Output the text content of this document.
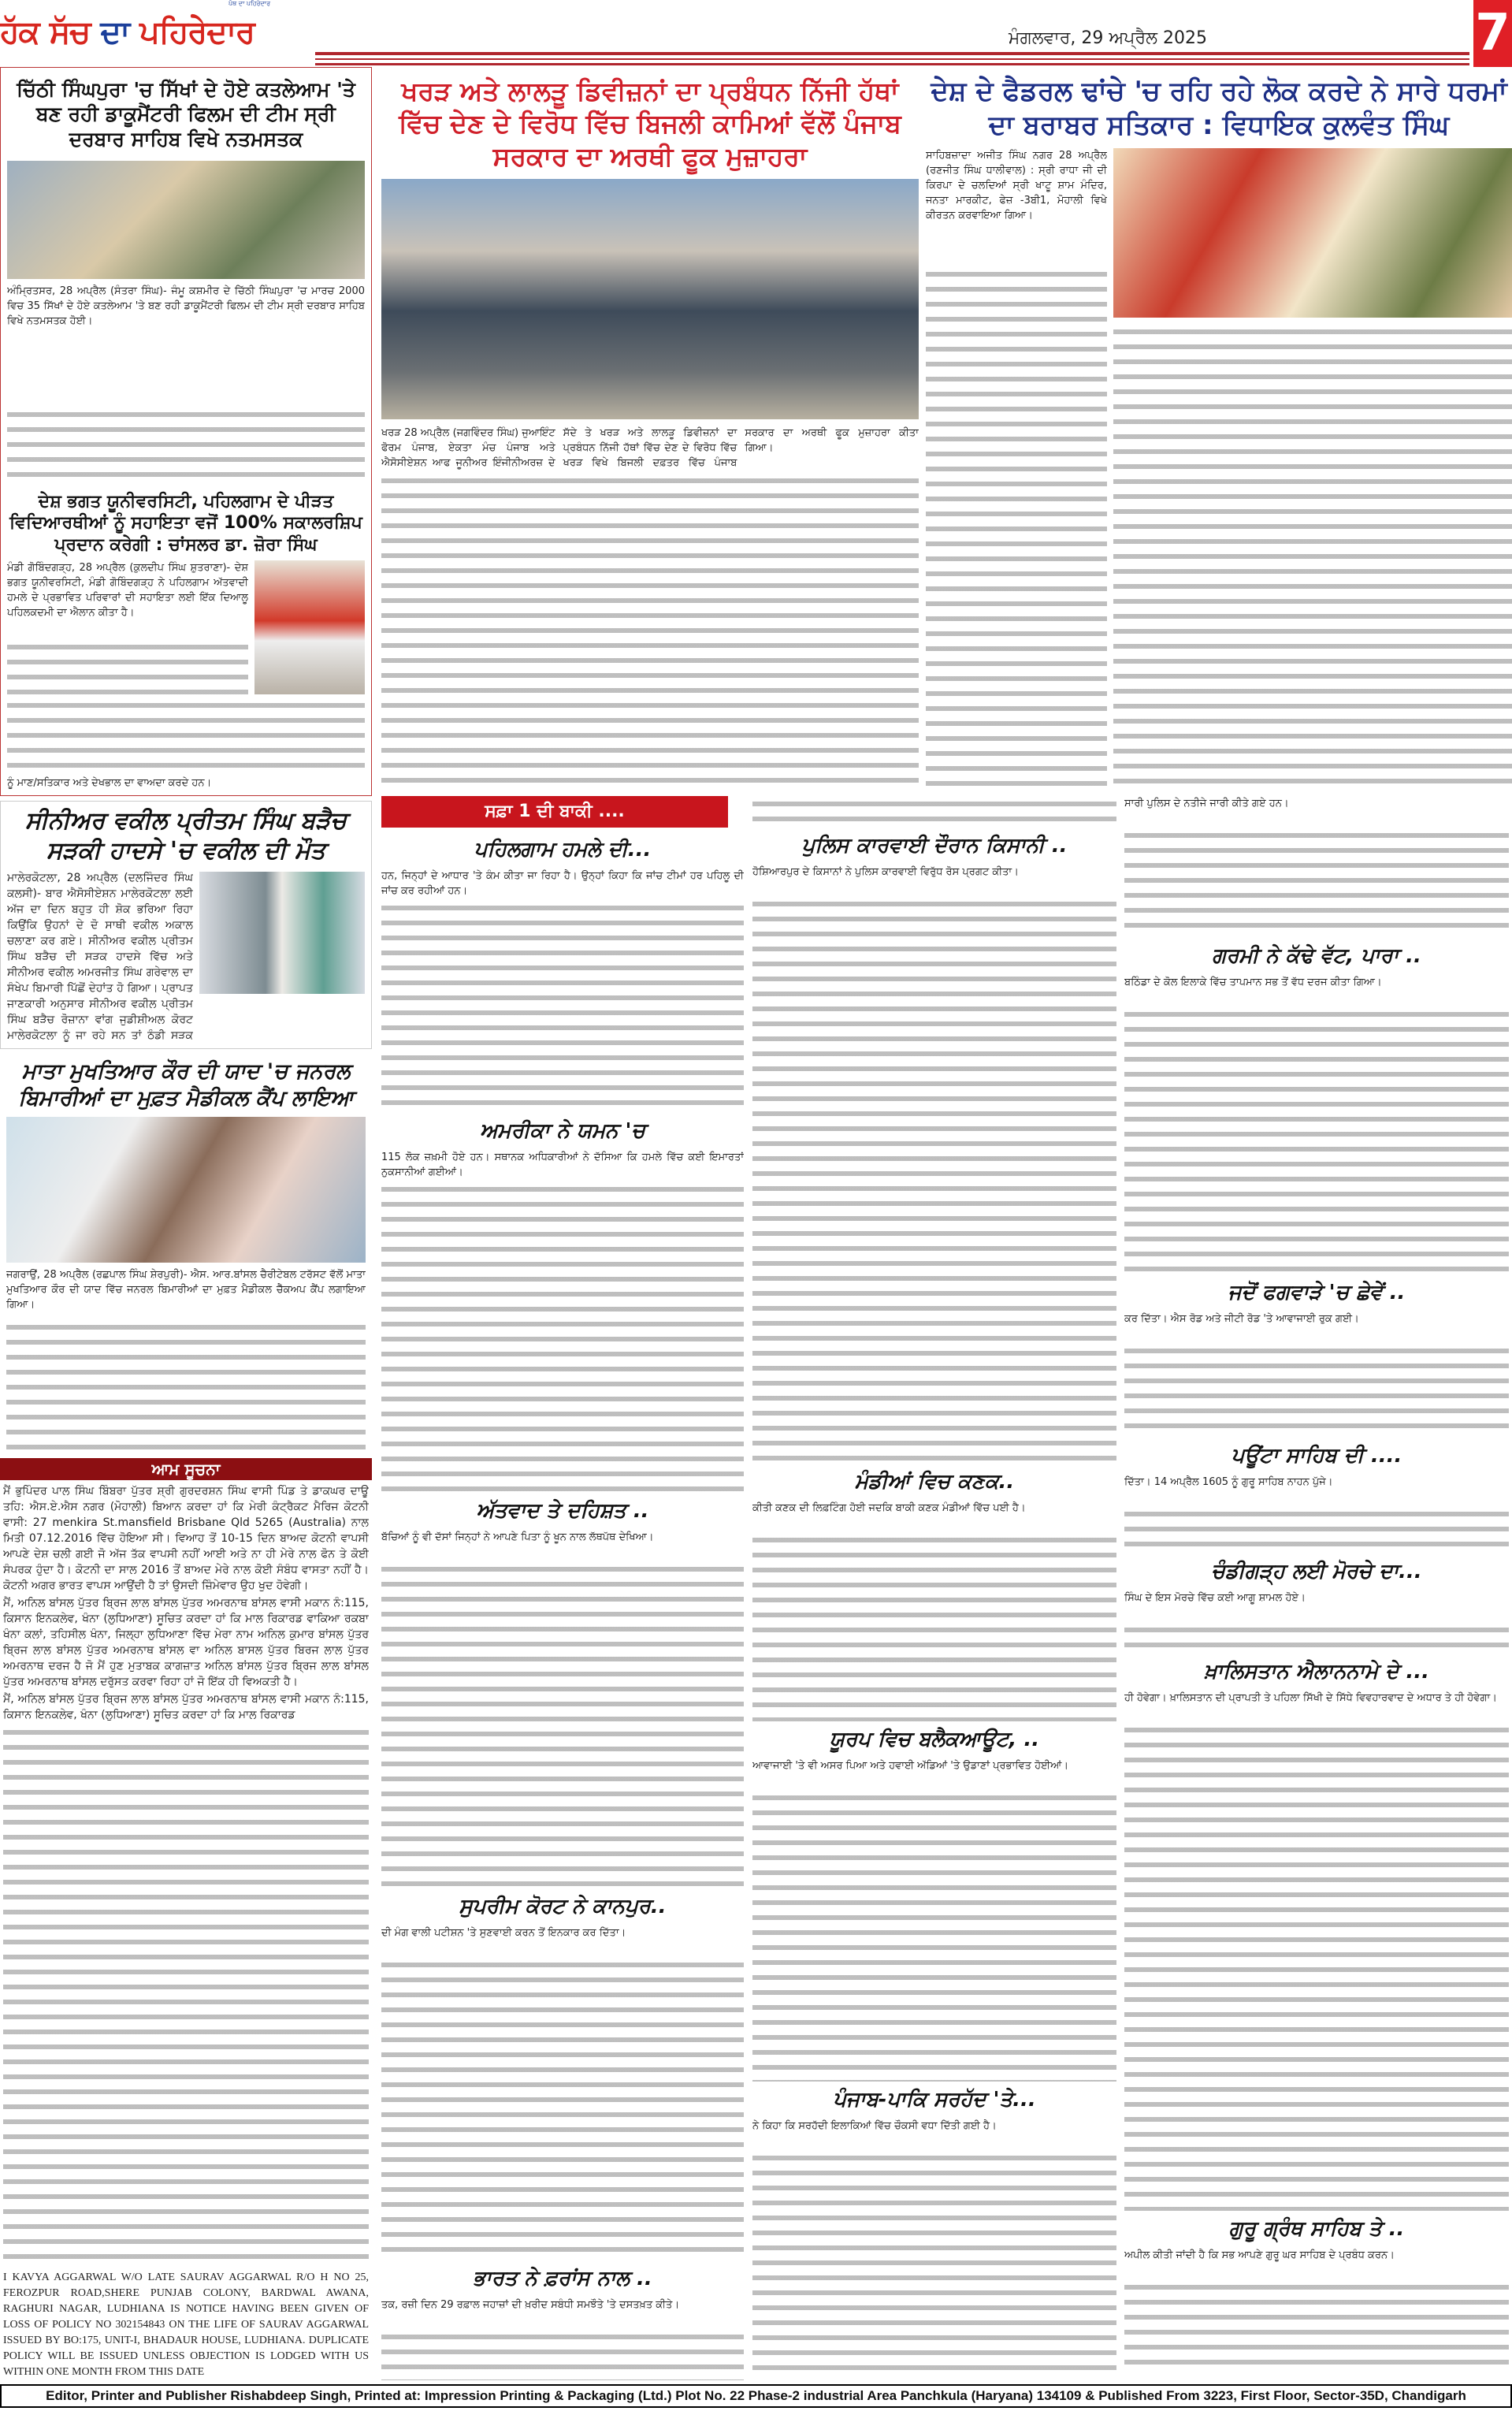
ਪੰਥ ਦਾ ਪਹਿਰੇਦਾਰ
ਹੱਕ ਸੱਚ ਦਾ ਪਹਿਰੇਦਾਰ	ਮੰਗਲਵਾਰ, 29 ਅਪ੍ਰੈਲ 2025	7
ਚਿੱਠੀ ਸਿੰਘਪੁਰਾ 'ਚ ਸਿੱਖਾਂ ਦੇ ਹੋਏ ਕਤਲੇਆਮ 'ਤੇ ਬਣ ਰਹੀ ਡਾਕੂਮੈਂਟਰੀ ਫਿਲਮ ਦੀ ਟੀਮ ਸ੍ਰੀ ਦਰਬਾਰ ਸਾਹਿਬ ਵਿਖੇ ਨਤਮਸਤਕ
ਅੰਮ੍ਰਿਤਸਰ, 28 ਅਪ੍ਰੈਲ (ਸੰਤਰਾ ਸਿੰਘ)- ਜੰਮੂ ਕਸ਼ਮੀਰ ਦੇ ਚਿੱਠੀ ਸਿੰਘਪੁਰਾ 'ਚ ਮਾਰਚ 2000 ਵਿਚ 35 ਸਿੱਖਾਂ ਦੇ ਹੋਏ ਕਤਲੇਆਮ 'ਤੇ ਬਣ ਰਹੀ ਡਾਕੂਮੈਂਟਰੀ ਫਿਲਮ ਦੀ ਟੀਮ ਸ੍ਰੀ ਦਰਬਾਰ ਸਾਹਿਬ ਵਿਖੇ ਨਤਮਸਤਕ ਹੋਈ।
ਦੇਸ਼ ਭਗਤ ਯੂਨੀਵਰਸਿਟੀ, ਪਹਿਲਗਾਮ ਦੇ ਪੀੜਤ ਵਿਦਿਆਰਥੀਆਂ ਨੂੰ ਸਹਾਇਤਾ ਵਜੋਂ 100% ਸਕਾਲਰਸ਼ਿਪ ਪ੍ਰਦਾਨ ਕਰੇਗੀ : ਚਾਂਸਲਰ ਡਾ. ਜ਼ੋਰਾ ਸਿੰਘ
ਮੰਡੀ ਗੋਬਿੰਦਗੜ੍ਹ, 28 ਅਪ੍ਰੈਲ (ਕੁਲਦੀਪ ਸਿੰਘ ਸ਼ੁਤਰਾਣਾ)- ਦੇਸ਼ ਭਗਤ ਯੂਨੀਵਰਸਿਟੀ, ਮੰਡੀ ਗੋਬਿੰਦਗੜ੍ਹ ਨੇ ਪਹਿਲਗਾਮ ਅੱਤਵਾਦੀ ਹਮਲੇ ਦੇ ਪ੍ਰਭਾਵਿਤ ਪਰਿਵਾਰਾਂ ਦੀ ਸਹਾਇਤਾ ਲਈ ਇੱਕ ਦਿਆਲੂ ਪਹਿਲਕਦਮੀ ਦਾ ਐਲਾਨ ਕੀਤਾ ਹੈ।
ਨੂੰ ਮਾਣ/ਸਤਿਕਾਰ ਅਤੇ ਦੇਖਭਾਲ ਦਾ ਵਾਅਦਾ ਕਰਦੇ ਹਨ।
ਸੀਨੀਅਰ ਵਕੀਲ ਪ੍ਰੀਤਮ ਸਿੰਘ ਬੜੈਚ ਸੜਕੀ ਹਾਦਸੇ 'ਚ ਵਕੀਲ ਦੀ ਮੌਤ
ਮਾਲੇਰਕੋਟਲਾ, 28 ਅਪ੍ਰੈਲ (ਦਲਜਿੰਦਰ ਸਿੰਘ ਕਲਸੀ)- ਬਾਰ ਐਸੋਸੀਏਸ਼ਨ ਮਾਲੇਰਕੋਟਲਾ ਲਈ ਅੱਜ ਦਾ ਦਿਨ ਬਹੁਤ ਹੀ ਸ਼ੋਕ ਭਰਿਆ ਰਿਹਾ ਕਿਉਂਕਿ ਉਹਨਾਂ ਦੇ ਦੋ ਸਾਥੀ ਵਕੀਲ ਅਕਾਲ ਚਲਾਣਾ ਕਰ ਗਏ। ਸੀਨੀਅਰ ਵਕੀਲ ਪ੍ਰੀਤਮ ਸਿੰਘ ਬੜੈਚ ਦੀ ਸੜਕ ਹਾਦਸੇ ਵਿੱਚ ਅਤੇ ਸੀਨੀਅਰ ਵਕੀਲ ਅਮਰਜੀਤ ਸਿੰਘ ਗਰੇਵਾਲ ਦਾ ਸੰਖੇਪ ਬਿਮਾਰੀ ਪਿੱਛੋਂ ਦੇਹਾਂਤ ਹੋ ਗਿਆ। ਪ੍ਰਾਪਤ ਜਾਣਕਾਰੀ ਅਨੁਸਾਰ ਸੀਨੀਅਰ ਵਕੀਲ ਪ੍ਰੀਤਮ ਸਿੰਘ ਬੜੈਚ ਰੋਜ਼ਾਨਾ ਵਾਂਗ ਜੁਡੀਸ਼ੀਅਲ ਕੋਰਟ ਮਾਲੇਰਕੋਟਲਾ ਨੂੰ ਜਾ ਰਹੇ ਸਨ ਤਾਂ ਠੰਡੀ ਸੜਕ
ਮਾਤਾ ਮੁਖਤਿਆਰ ਕੌਰ ਦੀ ਯਾਦ 'ਚ ਜਨਰਲ ਬਿਮਾਰੀਆਂ ਦਾ ਮੁਫ਼ਤ ਮੈਡੀਕਲ ਕੈਂਪ ਲਾਇਆ
ਜਗਰਾਉਂ, 28 ਅਪ੍ਰੈਲ (ਰਛਪਾਲ ਸਿੰਘ ਸ਼ੇਰਪੁਰੀ)- ਐਸ. ਆਰ.ਬਾਂਸਲ ਚੈਰੀਟੇਬਲ ਟਰੱਸਟ ਵੱਲੋਂ ਮਾਤਾ ਮੁਖਤਿਆਰ ਕੌਰ ਦੀ ਯਾਦ ਵਿੱਚ ਜਨਰਲ ਬਿਮਾਰੀਆਂ ਦਾ ਮੁਫ਼ਤ ਮੈਡੀਕਲ ਚੈੱਕਅਪ ਕੈਂਪ ਲਗਾਇਆ ਗਿਆ।
ਆਮ ਸੂਚਨਾ

ਮੈਂ ਭੁਪਿੰਦਰ ਪਾਲ ਸਿੰਘ ਬਿੰਬਰਾ ਪੁੱਤਰ ਸ਼੍ਰੀ ਗੁਰਦਰਸ਼ਨ ਸਿੰਘ ਵਾਸੀ ਪਿੰਡ ਤੇ ਡਾਕਘਰ ਦਾਊ ਤਹਿ: ਐਸ.ਏ.ਐਸ ਨਗਰ (ਮੋਹਾਲੀ) ਬਿਆਨ ਕਰਦਾ ਹਾਂ ਕਿ ਮੇਰੀ ਕੰਟ੍ਰੈਕਟ ਮੈਰਿਜ ਕੋਟਨੀ ਵਾਸੀ: 27 menkira St.mansfield Brisbane Qld 5265 (Australia) ਨਾਲ ਮਿਤੀ 07.12.2016 ਵਿੱਚ ਹੋਇਆ ਸੀ। ਵਿਆਹ ਤੋਂ 10-15 ਦਿਨ ਬਾਅਦ ਕੋਟਨੀ ਵਾਪਸੀ ਆਪਣੇ ਦੇਸ਼ ਚਲੀ ਗਈ ਜੋ ਅੱਜ ਤੱਕ ਵਾਪਸੀ ਨਹੀਂ ਆਈ ਅਤੇ ਨਾ ਹੀ ਮੇਰੇ ਨਾਲ ਫੋਨ ਤੇ ਕੋਈ ਸੰਪਰਕ ਹੁੰਦਾ ਹੈ। ਕੋਟਨੀ ਦਾ ਸਾਲ 2016 ਤੋਂ ਬਾਅਦ ਮੇਰੇ ਨਾਲ ਕੋਈ ਸੰਬੰਧ ਵਾਸਤਾ ਨਹੀਂ ਹੈ। ਕੋਟਨੀ ਅਗਰ ਭਾਰਤ ਵਾਪਸ ਆਉਂਦੀ ਹੈ ਤਾਂ ਉਸਦੀ ਜ਼ਿੰਮੇਵਾਰ ਉਹ ਖੁਦ ਹੋਵੇਗੀ।

ਮੈਂ, ਅਨਿਲ ਬਾਂਸਲ ਪੁੱਤਰ ਬ੍ਰਿਜ ਲਾਲ ਬਾਂਸਲ ਪੁੱਤਰ ਅਮਰਨਾਥ ਬਾਂਸਲ ਵਾਸੀ ਮਕਾਨ ਨੰ:115, ਕਿਸਾਨ ਇਨਕਲੇਵ, ਖੰਨਾ (ਲੁਧਿਆਣਾ) ਸੂਚਿਤ ਕਰਦਾ ਹਾਂ ਕਿ ਮਾਲ ਰਿਕਾਰਡ ਵਾਕਿਆ ਰਕਬਾ ਖੰਨਾ ਕਲਾਂ, ਤਹਿਸੀਲ ਖੰਨਾ, ਜਿਲ੍ਹਾ ਲੁਧਿਆਣਾ ਵਿੱਚ ਮੇਰਾ ਨਾਮ ਅਨਿਲ ਕੁਮਾਰ ਬਾਂਸਲ ਪੁੱਤਰ ਬ੍ਰਿਜ ਲਾਲ ਬਾਂਸਲ ਪੁੱਤਰ ਅਮਰਨਾਥ ਬਾਂਸਲ ਵਾ ਅਨਿਲ ਬਾਸਲ ਪੁੱਤਰ ਬਿਰਜ ਲਾਲ ਪੁੱਤਰ ਅਮਰਨਾਥ ਦਰਜ ਹੈ ਜੋ ਮੈਂ ਹੁਣ ਮੁਤਾਬਕ ਕਾਗਜ਼ਾਤ ਅਨਿਲ ਬਾਂਸਲ ਪੁੱਤਰ ਬ੍ਰਿਜ ਲਾਲ ਬਾਂਸਲ ਪੁੱਤਰ ਅਮਰਨਾਥ ਬਾਂਸਲ ਦਰੁੱਸਤ ਕਰਵਾ ਰਿਹਾ ਹਾਂ ਜੋ ਇੱਕ ਹੀ ਵਿਅਕਤੀ ਹੈ।

ਮੈਂ, ਅਨਿਲ ਬਾਂਸਲ ਪੁੱਤਰ ਬ੍ਰਿਜ ਲਾਲ ਬਾਂਸਲ ਪੁੱਤਰ ਅਮਰਨਾਥ ਬਾਂਸਲ ਵਾਸੀ ਮਕਾਨ ਨੰ:115, ਕਿਸਾਨ ਇਨਕਲੇਵ, ਖੰਨਾ (ਲੁਧਿਆਣਾ) ਸੂਚਿਤ ਕਰਦਾ ਹਾਂ ਕਿ ਮਾਲ ਰਿਕਾਰਡ

I KAVYA AGGARWAL W/O LATE SAURAV AGGARWAL R/O H NO 25, FEROZPUR ROAD,SHERE PUNJAB COLONY, BARDWAL AWANA, RAGHURI NAGAR, LUDHIANA IS NOTICE HAVING BEEN GIVEN OF LOSS OF POLICY NO 302154843 ON THE LIFE OF SAURAV AGGARWAL ISSUED BY BO:175, UNIT-I, BHADAUR HOUSE, LUDHIANA. DUPLICATE POLICY WILL BE ISSUED UNLESS OBJECTION IS LODGED WITH US WITHIN ONE MONTH FROM THIS DATE

ਖਰੜ ਅਤੇ ਲਾਲੜੂ ਡਿਵੀਜ਼ਨਾਂ ਦਾ ਪ੍ਰਬੰਧਨ ਨਿੱਜੀ ਹੱਥਾਂ ਵਿੱਚ ਦੇਣ ਦੇ ਵਿਰੋਧ ਵਿੱਚ ਬਿਜਲੀ ਕਾਮਿਆਂ ਵੱਲੋਂ ਪੰਜਾਬ ਸਰਕਾਰ ਦਾ ਅਰਥੀ ਫੂਕ ਮੁਜ਼ਾਹਰਾ
ਖਰੜ 28 ਅਪ੍ਰੈਲ (ਜਗਵਿੰਦਰ ਸਿੰਘ) ਜੁਆਇੰਟ ਫੋਰਮ ਪੰਜਾਬ, ਏਕਤਾ ਮੰਚ ਪੰਜਾਬ ਅਤੇ ਐਸੋਸੀਏਸ਼ਨ ਆਫ ਜੂਨੀਅਰ ਇੰਜੀਨੀਅਰਜ਼ ਦੇ ਸੱਦੇ ਤੇ ਖਰੜ ਅਤੇ ਲਾਲੜੂ ਡਿਵੀਜ਼ਨਾਂ ਦਾ ਪ੍ਰਬੰਧਨ ਨਿੱਜੀ ਹੱਥਾਂ ਵਿੱਚ ਦੇਣ ਦੇ ਵਿਰੋਧ ਵਿੱਚ ਖਰੜ ਵਿਖੇ ਬਿਜਲੀ ਦਫ਼ਤਰ ਵਿੱਚ ਪੰਜਾਬ ਸਰਕਾਰ ਦਾ ਅਰਥੀ ਫੂਕ ਮੁਜ਼ਾਹਰਾ ਕੀਤਾ ਗਿਆ।
ਦੇਸ਼ ਦੇ ਫੈਡਰਲ ਢਾਂਚੇ 'ਚ ਰਹਿ ਰਹੇ ਲੋਕ ਕਰਦੇ ਨੇ ਸਾਰੇ ਧਰਮਾਂ ਦਾ ਬਰਾਬਰ ਸਤਿਕਾਰ : ਵਿਧਾਇਕ ਕੁਲਵੰਤ ਸਿੰਘ
ਸਾਹਿਬਜ਼ਾਦਾ ਅਜੀਤ ਸਿੰਘ ਨਗਰ 28 ਅਪ੍ਰੈਲ (ਰਣਜੀਤ ਸਿੰਘ ਧਾਲੀਵਾਲ) : ਸ੍ਰੀ ਰਾਧਾ ਜੀ ਦੀ ਕਿਰਪਾ ਦੇ ਚਲਦਿਆਂ ਸ੍ਰੀ ਖਾਟੂ ਸ਼ਾਮ ਮੰਦਿਰ, ਜਨਤਾ ਮਾਰਕੀਟ, ਫੇਜ਼ -3ਬੀ1, ਮੋਹਾਲੀ ਵਿਖੇ ਕੀਰਤਨ ਕਰਵਾਇਆ ਗਿਆ।
ਸਫ਼ਾ 1 ਦੀ ਬਾਕੀ ....
ਪਹਿਲਗਾਮ ਹਮਲੇ ਦੀ...
ਹਨ, ਜਿਨ੍ਹਾਂ ਦੇ ਆਧਾਰ 'ਤੇ ਕੰਮ ਕੀਤਾ ਜਾ ਰਿਹਾ ਹੈ। ਉਨ੍ਹਾਂ ਕਿਹਾ ਕਿ ਜਾਂਚ ਟੀਮਾਂ ਹਰ ਪਹਿਲੂ ਦੀ ਜਾਂਚ ਕਰ ਰਹੀਆਂ ਹਨ।
ਅਮਰੀਕਾ ਨੇ ਯਮਨ 'ਚ
115 ਲੋਕ ਜ਼ਖ਼ਮੀ ਹੋਏ ਹਨ। ਸਥਾਨਕ ਅਧਿਕਾਰੀਆਂ ਨੇ ਦੱਸਿਆ ਕਿ ਹਮਲੇ ਵਿੱਚ ਕਈ ਇਮਾਰਤਾਂ ਨੁਕਸਾਨੀਆਂ ਗਈਆਂ।
ਅੱਤਵਾਦ ਤੇ ਦਹਿਸ਼ਤ ..
ਬੱਚਿਆਂ ਨੂੰ ਵੀ ਦੱਸਾਂ ਜਿਨ੍ਹਾਂ ਨੇ ਆਪਣੇ ਪਿਤਾ ਨੂੰ ਖੂਨ ਨਾਲ ਲੱਥਪੱਥ ਦੇਖਿਆ।
ਸੁਪਰੀਮ ਕੋਰਟ ਨੇ ਕਾਨਪੁਰ..
ਦੀ ਮੰਗ ਵਾਲੀ ਪਟੀਸ਼ਨ 'ਤੇ ਸੁਣਵਾਈ ਕਰਨ ਤੋਂ ਇਨਕਾਰ ਕਰ ਦਿੱਤਾ।
ਭਾਰਤ ਨੇ ਫ਼ਰਾਂਸ ਨਾਲ ..
ਤਕ, ਰਜ਼ੀ ਦਿਨ 29 ਰਫ਼ਾਲ ਜਹਾਜ਼ਾਂ ਦੀ ਖ਼ਰੀਦ ਸਬੰਧੀ ਸਮਝੌਤੇ 'ਤੇ ਦਸਤਖ਼ਤ ਕੀਤੇ।
ਪੁਲਿਸ ਕਾਰਵਾਈ ਦੌਰਾਨ ਕਿਸਾਨੀ ..
ਹੋਸ਼ਿਆਰਪੁਰ ਦੇ ਕਿਸਾਨਾਂ ਨੇ ਪੁਲਿਸ ਕਾਰਵਾਈ ਵਿਰੁੱਧ ਰੋਸ ਪ੍ਰਗਟ ਕੀਤਾ।
ਮੰਡੀਆਂ ਵਿਚ ਕਣਕ..
ਕੀਤੀ ਕਣਕ ਦੀ ਲਿਫ਼ਟਿੰਗ ਹੋਈ ਜਦਕਿ ਬਾਕੀ ਕਣਕ ਮੰਡੀਆਂ ਵਿੱਚ ਪਈ ਹੈ।
ਯੂਰਪ ਵਿਚ ਬਲੈਕਆਊਟ, ..
ਆਵਾਜਾਈ 'ਤੇ ਵੀ ਅਸਰ ਪਿਆ ਅਤੇ ਹਵਾਈ ਅੱਡਿਆਂ 'ਤੇ ਉਡਾਣਾਂ ਪ੍ਰਭਾਵਿਤ ਹੋਈਆਂ।
ਪੰਜਾਬ-ਪਾਕਿ ਸਰਹੱਦ 'ਤੇ...
ਨੇ ਕਿਹਾ ਕਿ ਸਰਹੱਦੀ ਇਲਾਕਿਆਂ ਵਿੱਚ ਚੌਕਸੀ ਵਧਾ ਦਿੱਤੀ ਗਈ ਹੈ।
ਸਾਰੀ ਪੁਲਿਸ ਦੇ ਨਤੀਜੇ ਜਾਰੀ ਕੀਤੇ ਗਏ ਹਨ।
ਗਰਮੀ ਨੇ ਕੱਢੇ ਵੱਟ, ਪਾਰਾ ..
ਬਠਿੰਡਾ ਦੇ ਕੋਲ ਇਲਾਕੇ ਵਿੱਚ ਤਾਪਮਾਨ ਸਭ ਤੋਂ ਵੱਧ ਦਰਜ ਕੀਤਾ ਗਿਆ।
ਜਦੋਂ ਫਗਵਾੜੇ 'ਚ ਛੇਵੇਂ ..
ਕਰ ਦਿੱਤਾ। ਐਸ ਰੋਡ ਅਤੇ ਜੀਟੀ ਰੋਡ 'ਤੇ ਆਵਾਜਾਈ ਰੁਕ ਗਈ।
ਪਊਂਟਾ ਸਾਹਿਬ ਦੀ ....
ਦਿੱਤਾ। 14 ਅਪ੍ਰੈਲ 1605 ਨੂੰ ਗੁਰੂ ਸਾਹਿਬ ਨਾਹਨ ਪੁੱਜੇ।
ਚੰਡੀਗੜ੍ਹ ਲਈ ਮੋਰਚੇ ਦਾ...
ਸਿੰਘ ਦੇ ਇਸ ਮੋਰਚੇ ਵਿੱਚ ਕਈ ਆਗੂ ਸ਼ਾਮਲ ਹੋਏ।
ਖ਼ਾਲਿਸਤਾਨ ਐਲਾਨਨਾਮੇ ਦੇ ...
ਹੀ ਹੋਵੇਗਾ। ਖ਼ਾਲਿਸਤਾਨ ਦੀ ਪ੍ਰਾਪਤੀ ਤੇ ਪਹਿਲਾ ਸਿੱਖੀ ਦੇ ਸਿੱਧੇ ਵਿਵਹਾਰਵਾਦ ਦੇ ਅਧਾਰ ਤੇ ਹੀ ਹੋਵੇਗਾ।
ਗੁਰੂ ਗ੍ਰੰਥ ਸਾਹਿਬ ਤੇ ..
ਅਪੀਲ ਕੀਤੀ ਜਾਂਦੀ ਹੈ ਕਿ ਸਭ ਆਪਣੇ ਗੁਰੂ ਘਰ ਸਾਹਿਬ ਦੇ ਪ੍ਰਬੰਧ ਕਰਨ।
Editor, Printer and Publisher Rishabdeep Singh, Printed at: Impression Printing & Packaging (Ltd.) Plot No. 22 Phase-2 industrial Area Panchkula (Haryana) 134109 & Published From 3223, First Floor, Sector-35D, Chandigarh
